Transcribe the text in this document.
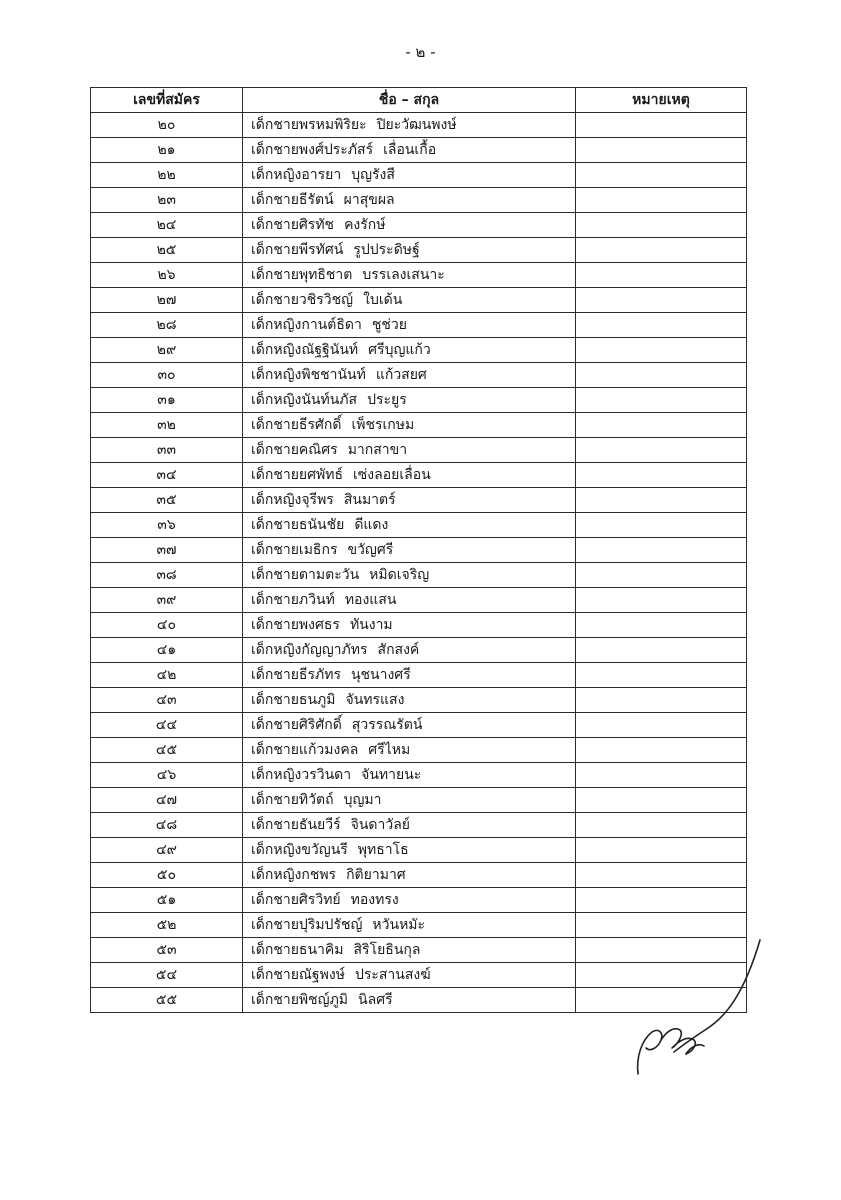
- ๒ -
เลขที่สมัคร	ชื่อ – สกุล	หมายเหตุ
๒๐	เด็กชายพรหมพิริยะ ปิยะวัฒนพงษ์	
๒๑	เด็กชายพงศ์ประภัสร์ เลื่อนเกื้อ	
๒๒	เด็กหญิงอารยา บุญรังสี	
๒๓	เด็กชายธีรัตน์ ผาสุขผล	
๒๔	เด็กชายศิรทัช คงรักษ์	
๒๕	เด็กชายพีรทัศน์ รูปประดิษฐ์	
๒๖	เด็กชายพุทธิชาต บรรเลงเสนาะ	
๒๗	เด็กชายวชิรวิชญ์ ใบเด้น	
๒๘	เด็กหญิงกานต์ธิดา ชูช่วย	
๒๙	เด็กหญิงณัฐฐินันท์ ศรีบุญแก้ว	
๓๐	เด็กหญิงพิชชานันท์ แก้วสยศ	
๓๑	เด็กหญิงนันท์นภัส ประยูร	
๓๒	เด็กชายธีรศักดิ์ เพ็ชรเกษม	
๓๓	เด็กชายคณิศร มากสาขา	
๓๔	เด็กชายยศพัทธ์ เซ่งลอยเลื่อน	
๓๕	เด็กหญิงจุรีพร สินมาตร์	
๓๖	เด็กชายธนันชัย ดีแดง	
๓๗	เด็กชายเมธิกร ขวัญศรี	
๓๘	เด็กชายตามตะวัน หมิดเจริญ	
๓๙	เด็กชายภวินท์ ทองแสน	
๔๐	เด็กชายพงศธร ทันงาม	
๔๑	เด็กหญิงกัญญาภัทร สักสงค์	
๔๒	เด็กชายธีรภัทร นุชนางศรี	
๔๓	เด็กชายธนภูมิ จันทรแสง	
๔๔	เด็กชายศิริศักดิ์ สุวรรณรัตน์	
๔๕	เด็กชายแก้วมงคล ศรีไหม	
๔๖	เด็กหญิงวรวินดา จันทายนะ	
๔๗	เด็กชายทิวัตถ์ บุญมา	
๔๘	เด็กชายธันยวีร์ จินดาวัลย์	
๔๙	เด็กหญิงขวัญนรี พุทธาโธ	
๕๐	เด็กหญิงกชพร กิติยามาศ	
๕๑	เด็กชายศิรวิทย์ ทองทรง	
๕๒	เด็กชายปุริมปรัชญ์ หวันหมัะ	
๕๓	เด็กชายธนาคิม สิริโยธินกุล	
๕๔	เด็กชายณัฐพงษ์ ประสานสงฆ์	
๕๕	เด็กชายพิชญ์ภูมิ นิลศรี	
